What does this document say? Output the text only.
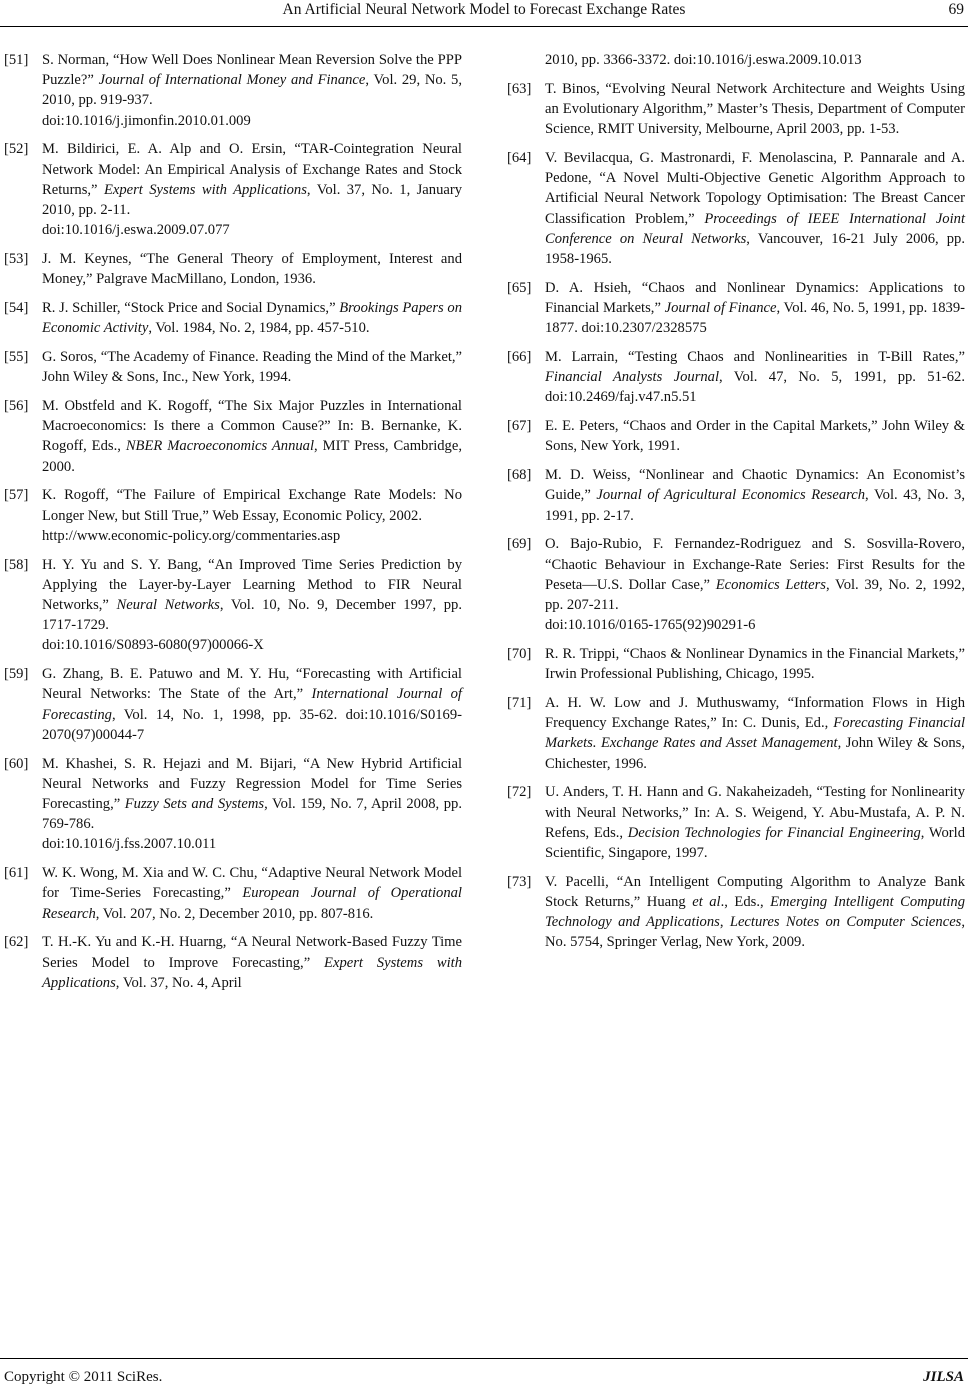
An Artificial Neural Network Model to Forecast Exchange Rates	69
[51] S. Norman, “How Well Does Nonlinear Mean Reversion Solve the PPP Puzzle?” Journal of International Money and Finance, Vol. 29, No. 5, 2010, pp. 919-937.
doi:10.1016/j.jimonfin.2010.01.009
[52] M. Bildirici, E. A. Alp and O. Ersin, “TAR-Cointegration Neural Network Model: An Empirical Analysis of Exchange Rates and Stock Returns,” Expert Systems with Applications, Vol. 37, No. 1, January 2010, pp. 2-11.
doi:10.1016/j.eswa.2009.07.077
[53] J. M. Keynes, “The General Theory of Employment, Interest and Money,” Palgrave MacMillano, London, 1936.
[54] R. J. Schiller, “Stock Price and Social Dynamics,” Brookings Papers on Economic Activity, Vol. 1984, No. 2, 1984, pp. 457-510.
[55] G. Soros, “The Academy of Finance. Reading the Mind of the Market,” John Wiley & Sons, Inc., New York, 1994.
[56] M. Obstfeld and K. Rogoff, “The Six Major Puzzles in International Macroeconomics: Is there a Common Cause?” In: B. Bernanke, K. Rogoff, Eds., NBER Macroeconomics Annual, MIT Press, Cambridge, 2000.
[57] K. Rogoff, “The Failure of Empirical Exchange Rate Models: No Longer New, but Still True,” Web Essay, Economic Policy, 2002.
http://www.economic-policy.org/commentaries.asp
[58] H. Y. Yu and S. Y. Bang, “An Improved Time Series Prediction by Applying the Layer-by-Layer Learning Method to FIR Neural Networks,” Neural Networks, Vol. 10, No. 9, December 1997, pp. 1717-1729.
doi:10.1016/S0893-6080(97)00066-X
[59] G. Zhang, B. E. Patuwo and M. Y. Hu, “Forecasting with Artificial Neural Networks: The State of the Art,” International Journal of Forecasting, Vol. 14, No. 1, 1998, pp. 35-62. doi:10.1016/S0169-2070(97)00044-7
[60] M. Khashei, S. R. Hejazi and M. Bijari, “A New Hybrid Artificial Neural Networks and Fuzzy Regression Model for Time Series Forecasting,” Fuzzy Sets and Systems, Vol. 159, No. 7, April 2008, pp. 769-786.
doi:10.1016/j.fss.2007.10.011
[61] W. K. Wong, M. Xia and W. C. Chu, “Adaptive Neural Network Model for Time-Series Forecasting,” European Journal of Operational Research, Vol. 207, No. 2, December 2010, pp. 807-816.
[62] T. H.-K. Yu and K.-H. Huarng, “A Neural Network-Based Fuzzy Time Series Model to Improve Forecasting,” Expert Systems with Applications, Vol. 37, No. 4, April
2010, pp. 3366-3372. doi:10.1016/j.eswa.2009.10.013
[63] T. Binos, “Evolving Neural Network Architecture and Weights Using an Evolutionary Algorithm,” Master’s Thesis, Department of Computer Science, RMIT University, Melbourne, April 2003, pp. 1-53.
[64] V. Bevilacqua, G. Mastronardi, F. Menolascina, P. Pannarale and A. Pedone, “A Novel Multi-Objective Genetic Algorithm Approach to Artificial Neural Network Topology Optimisation: The Breast Cancer Classification Problem,” Proceedings of IEEE International Joint Conference on Neural Networks, Vancouver, 16-21 July 2006, pp. 1958-1965.
[65] D. A. Hsieh, “Chaos and Nonlinear Dynamics: Applications to Financial Markets,” Journal of Finance, Vol. 46, No. 5, 1991, pp. 1839-1877. doi:10.2307/2328575
[66] M. Larrain, “Testing Chaos and Nonlinearities in T-Bill Rates,” Financial Analysts Journal, Vol. 47, No. 5, 1991, pp. 51-62. doi:10.2469/faj.v47.n5.51
[67] E. E. Peters, “Chaos and Order in the Capital Markets,” John Wiley & Sons, New York, 1991.
[68] M. D. Weiss, “Nonlinear and Chaotic Dynamics: An Economist’s Guide,” Journal of Agricultural Economics Research, Vol. 43, No. 3, 1991, pp. 2-17.
[69] O. Bajo-Rubio, F. Fernandez-Rodriguez and S. Sosvilla-Rovero, “Chaotic Behaviour in Exchange-Rate Series: First Results for the Peseta—U.S. Dollar Case,” Economics Letters, Vol. 39, No. 2, 1992, pp. 207-211.
doi:10.1016/0165-1765(92)90291-6
[70] R. R. Trippi, “Chaos & Nonlinear Dynamics in the Financial Markets,” Irwin Professional Publishing, Chicago, 1995.
[71] A. H. W. Low and J. Muthuswamy, “Information Flows in High Frequency Exchange Rates,” In: C. Dunis, Ed., Forecasting Financial Markets. Exchange Rates and Asset Management, John Wiley & Sons, Chichester, 1996.
[72] U. Anders, T. H. Hann and G. Nakaheizadeh, “Testing for Nonlinearity with Neural Networks,” In: A. S. Weigend, Y. Abu-Mustafa, A. P. N. Refens, Eds., Decision Technologies for Financial Engineering, World Scientific, Singapore, 1997.
[73] V. Pacelli, “An Intelligent Computing Algorithm to Analyze Bank Stock Returns,” Huang et al., Eds., Emerging Intelligent Computing Technology and Applications, Lectures Notes on Computer Sciences, No. 5754, Springer Verlag, New York, 2009.
Copyright © 2011 SciRes.	JILSA
